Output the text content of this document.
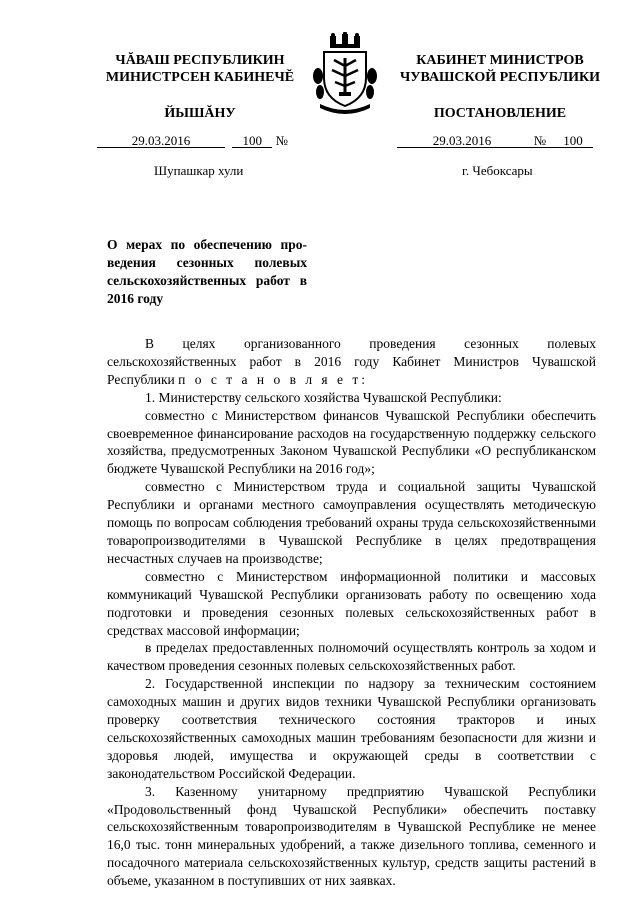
ЧĂВАШ РЕСПУБЛИКИН
МИНИСТРСЕН КАБИНЕЧĔ
ЙЫШĂНУ
КАБИНЕТ МИНИСТРОВ
ЧУВАШСКОЙ РЕСПУБЛИКИ
ПОСТАНОВЛЕНИЕ
29.03.2016	100 №	29.03.2016	№ 100
Шупашкар хули	г. Чебоксары
О мерах по обеспечению про-
ведения сезонных полевых
сельскохозяйственных работ в
2016 году

В целях организованного проведения сезонных полевых сельскохозяйственных работ в 2016 году Кабинет Министров Чувашской Республики п о с т а н о в л я е т:

1. Министерству сельского хозяйства Чувашской Республики:

совместно с Министерством финансов Чувашской Республики обеспечить своевременное финансирование расходов на государственную поддержку сельского хозяйства, предусмотренных Законом Чувашской Республики «О республиканском бюджете Чувашской Республики на 2016 год»;

совместно с Министерством труда и социальной защиты Чувашской Республики и органами местного самоуправления осуществлять методическую помощь по вопросам соблюдения требований охраны труда сельскохозяйственными товаропроизводителями в Чувашской Республике в целях предотвращения несчастных случаев на производстве;

совместно с Министерством информационной политики и массовых коммуникаций Чувашской Республики организовать работу по освещению хода подготовки и проведения сезонных полевых сельскохозяйственных работ в средствах массовой информации;

в пределах предоставленных полномочий осуществлять контроль за ходом и качеством проведения сезонных полевых сельскохозяйственных работ.

2. Государственной инспекции по надзору за техническим состоянием самоходных машин и других видов техники Чувашской Республики организовать проверку соответствия технического состояния тракторов и иных сельскохозяйственных самоходных машин требованиям безопасности для жизни и здоровья людей, имущества и окружающей среды в соответствии с законодательством Российской Федерации.

3. Казенному унитарному предприятию Чувашской Республики «Продовольственный фонд Чувашской Республики» обеспечить поставку сельскохозяйственным товаропроизводителям в Чувашской Республике не менее 16,0 тыс. тонн минеральных удобрений, а также дизельного топлива, семенного и посадочного материала сельскохозяйственных культур, средств защиты растений в объеме, указанном в поступивших от них заявках.
